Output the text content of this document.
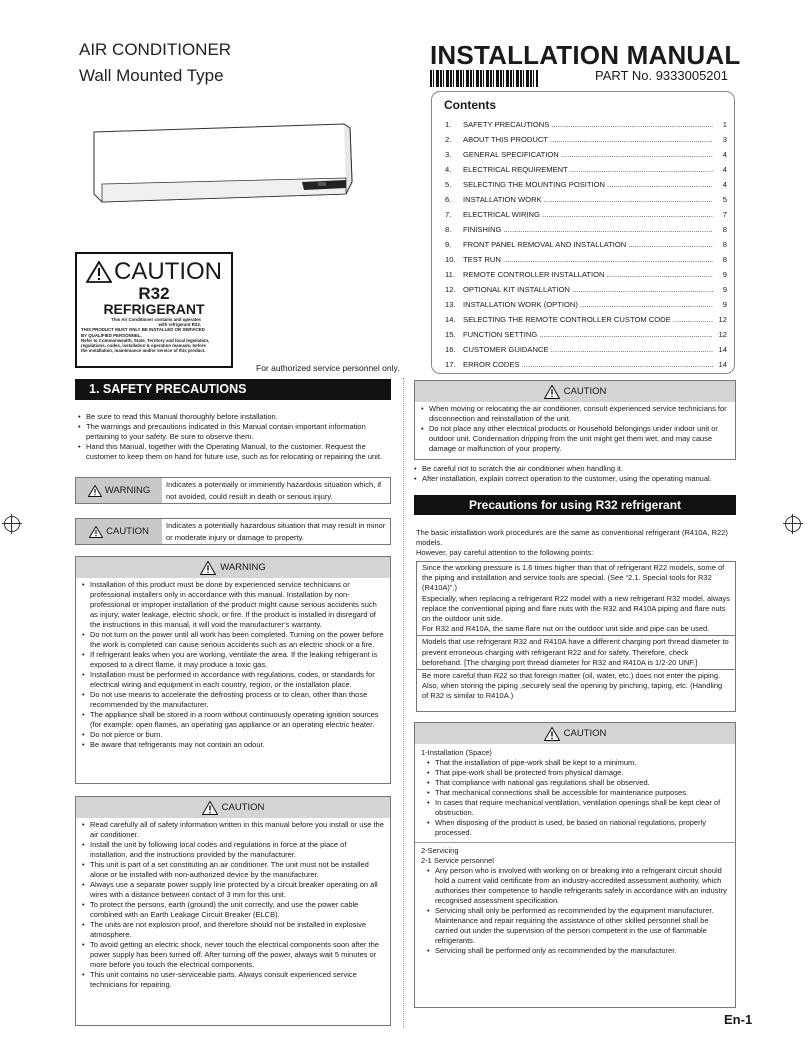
AIR CONDITIONER
Wall Mounted Type
INSTALLATION MANUAL
PART No. 9333005201
CAUTION
R32
REFRIGERANT
This Air Conditioner contains and operates
with refrigerant R32.
THIS PRODUCT MUST ONLY BE INSTALLED OR SERVICED
BY QUALIFIED PERSONNEL.
Refer to Commonwealth, State, Territory and local legislation,
regulations, codes, installation & operation manuals, before
the installation, maintenance and/or service of this product.
For authorized service personnel only.
Contents
1.	SAFETY PRECAUTIONS .....	1
2.	ABOUT THIS PRODUCT .....	3
3.	GENERAL SPECIFICATION .....	4
4.	ELECTRICAL REQUIREMENT .....	4
5.	SELECTING THE MOUNTING POSITION .....	4
6.	INSTALLATION WORK .....	5
7.	ELECTRICAL WIRING .....	7
8.	FINISHING .....	8
9.	FRONT PANEL REMOVAL AND INSTALLATION .....	8
10. TEST RUN .....	8
11.	REMOTE CONTROLLER INSTALLATION .....	9
12. OPTIONAL KIT INSTALLATION .....	9
13. INSTALLATION WORK (OPTION) .....	9
14. SELECTING THE REMOTE CONTROLLER CUSTOM CODE .....	12
15. FUNCTION SETTING .....	12
16. CUSTOMER GUIDANCE .....	14
17. ERROR CODES .....	14
1. SAFETY PRECAUTIONS
• Be sure to read this Manual thoroughly before installation.
• The warnings and precautions indicated in this Manual contain important information pertaining to your safety. Be sure to observe them.
• Hand this Manual, together with the Operating Manual, to the customer. Request the customer to keep them on hand for future use, such as for relocating or repairing the unit.
WARNING
Indicates a potentially or imminently hazardous situation which, if not avoided, could result in death or serious injury.
CAUTION
Indicates a potentially hazardous situation that may result in minor or moderate injury or damage to property.
WARNING
• Installation of this product must be done by experienced service technicians or professional installers only in accordance with this manual. Installation by non-professional or improper installation of the product might cause serious accidents such as injury, water leakage, electric shock, or fire. If the product is installed in disregard of the instructions in this manual, it will void the manufacturer’s warranty.
• Do not turn on the power until all work has been completed. Turning on the power before the work is completed can cause serious accidents such as an electric shock or a fire.
• If refrigerant leaks when you are working, ventilate the area. If the leaking refrigerant is exposed to a direct flame, it may produce a toxic gas.
• Installation must be performed in accordance with regulations, codes, or standards for electrical wiring and equipment in each country, region, or the installaton place.
• Do not use means to accelerate the defrosting process or to clean, other than those recommended by the manufacturer.
• The appliance shall be stored in a room without continuously operating ignition sources (for example: open flames, an operating gas appliance or an operating electric heater.
• Do not pierce or burn.
• Be aware that refrigerants may not contain an odour.
CAUTION
• Read carefully all of safety information written in this manual before you install or use the air conditioner.
• Install the unit by following local codes and regulations in force at the place of installation, and the instructions provided by the manufacturer.
• This unit is part of a set constituting an air conditioner. The unit must not be installed alone or be installed with non-authorized device by the manufacturer.
• Always use a separate power supply line protected by a circuit breaker operating on all wires with a distance between contact of 3 mm for this unit.
• To protect the persons, earth (ground) the unit correctly, and use the power cable combined with an Earth Leakage Circuit Breaker (ELCB).
• The units are not explosion proof, and therefore should not be installed in explosive atmosphere.
• To avoid getting an electric shock, never touch the electrical components soon after the power supply has been turned off. After turning off the power, always wait 5 minutes or more before you touch the electrical components.
• This unit contains no user-serviceable parts. Always consult experienced service technicians for repairing.
CAUTION
• When moving or relocating the air conditioner, consult experienced service technicians for disconnection and reinstallation of the unit.
• Do not place any other electrical products or household belongings under indoor unit or outdoor unit. Condensation dripping from the unit might get them wet, and may cause damage or malfunction of your property.
• Be careful not to scratch the air conditioner when handling it.
• After installation, explain correct operation to the customer, using the operating manual.
Precautions for using R32 refrigerant
The basic installation work procedures are the same as conventional refrigerant (R410A, R22) models.
However, pay careful attention to the following points:
Since the working pressure is 1.6 times higher than that of refrigerant R22 models, some of the piping and installation and service tools are special. (See “2.1. Special tools for R32 (R410A)”.)
Especially, when replacing a refrigerant R22 model with a new refrigerant R32 model, always replace the conventional piping and flare nuts with the R32 and R410A piping and flare nuts on the outdoor unit side.
For R32 and R410A, the same flare nut on the outdoor unit side and pipe can be used.
Models that use refrigerant R32 and R410A have a different charging port thread diameter to prevent erroneous charging with refrigerant R22 and for safety. Therefore, check beforehand. [The charging port thread diameter for R32 and R410A is 1/2-20 UNF.]
Be more careful than R22 so that foreign matter (oil, water, etc.) does not enter the piping. Also, when storing the piping ,securely seal the opening by pinching, taping, etc. (Handling of R32 is similar to R410A.)
CAUTION
1-Installation (Space)
• That the installation of pipe-work shall be kept to a minimum.
• That pipe-work shall be protected from physical damage.
• That compliance with national gas regulations shall be observed.
• That mechanical connections shall be accessible for maintenance purposes.
• In cases that require mechanical ventilation, ventilation openings shall be kept clear of obstruction.
• When disposing of the product is used, be based on national regulations, properly processed.
2-Servicing
2-1 Service personnel
• Any person who is involved with working on or breaking into a refrigerant circuit should hold a current valid certificate from an industry-accredited assessment authority, which authorises their competence to handle refrigerants safely in accordance with an industry recognised assessment specification.
• Servicing shall only be performed as recommended by the equipment manufacturer. Maintenance and repair requiring the assistance of other skilled personnel shall be carried out under the supervision of the person competent in the use of flammable refrigerants.
• Servicing shall be performed only as recommended by the manufacturer.
En-1
